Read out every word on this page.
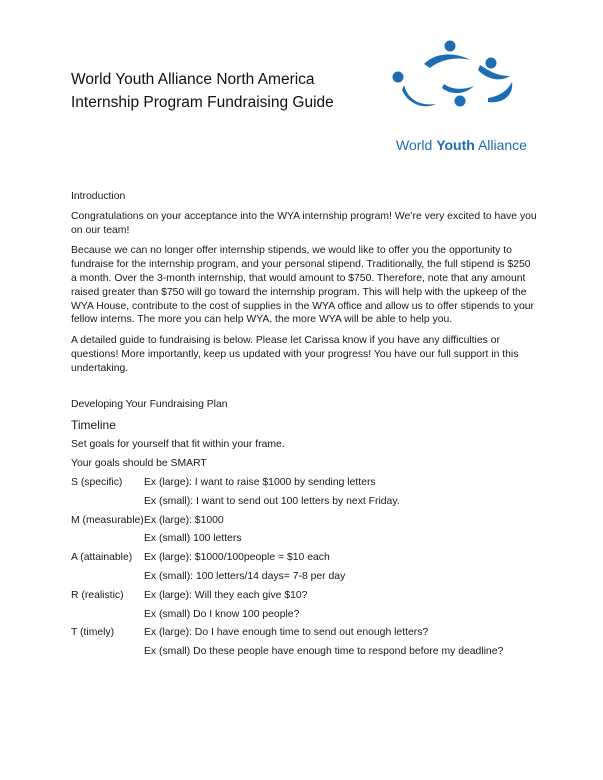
World Youth Alliance North America
Internship Program Fundraising Guide
World Youth Alliance

Introduction

Congratulations on your acceptance into the WYA internship program! We’re very excited to have you on our team!

Because we can no longer offer internship stipends, we would like to offer you the opportunity to fundraise for the internship program, and your personal stipend. Traditionally, the full stipend is $250 a month. Over the 3-month internship, that would amount to $750. Therefore, note that any amount raised greater than $750 will go toward the internship program. This will help with the upkeep of the WYA House, contribute to the cost of supplies in the WYA office and allow us to offer stipends to your fellow interns. The more you can help WYA, the more WYA will be able to help you.

A detailed guide to fundraising is below. Please let Carissa know if you have any difficulties or questions! More importantly, keep us updated with your progress! You have our full support in this undertaking.

Developing Your Fundraising Plan

Timeline

Set goals for yourself that fit within your frame.

Your goals should be SMART

S (specific)	Ex (large): I want to raise $1000 by sending letters
	Ex (small): I want to send out 100 letters by next Friday.
M (measurable)	Ex (large): $1000
	Ex (small) 100 letters
A (attainable)	Ex (large): $1000/100people = $10 each
	Ex (small): 100 letters/14 days= 7-8 per day
R (realistic)	Ex (large): Will they each give $10?
	Ex (small) Do I know 100 people?
T (timely)	Ex (large): Do I have enough time to send out enough letters?
	Ex (small) Do these people have enough time to respond before my deadline?
